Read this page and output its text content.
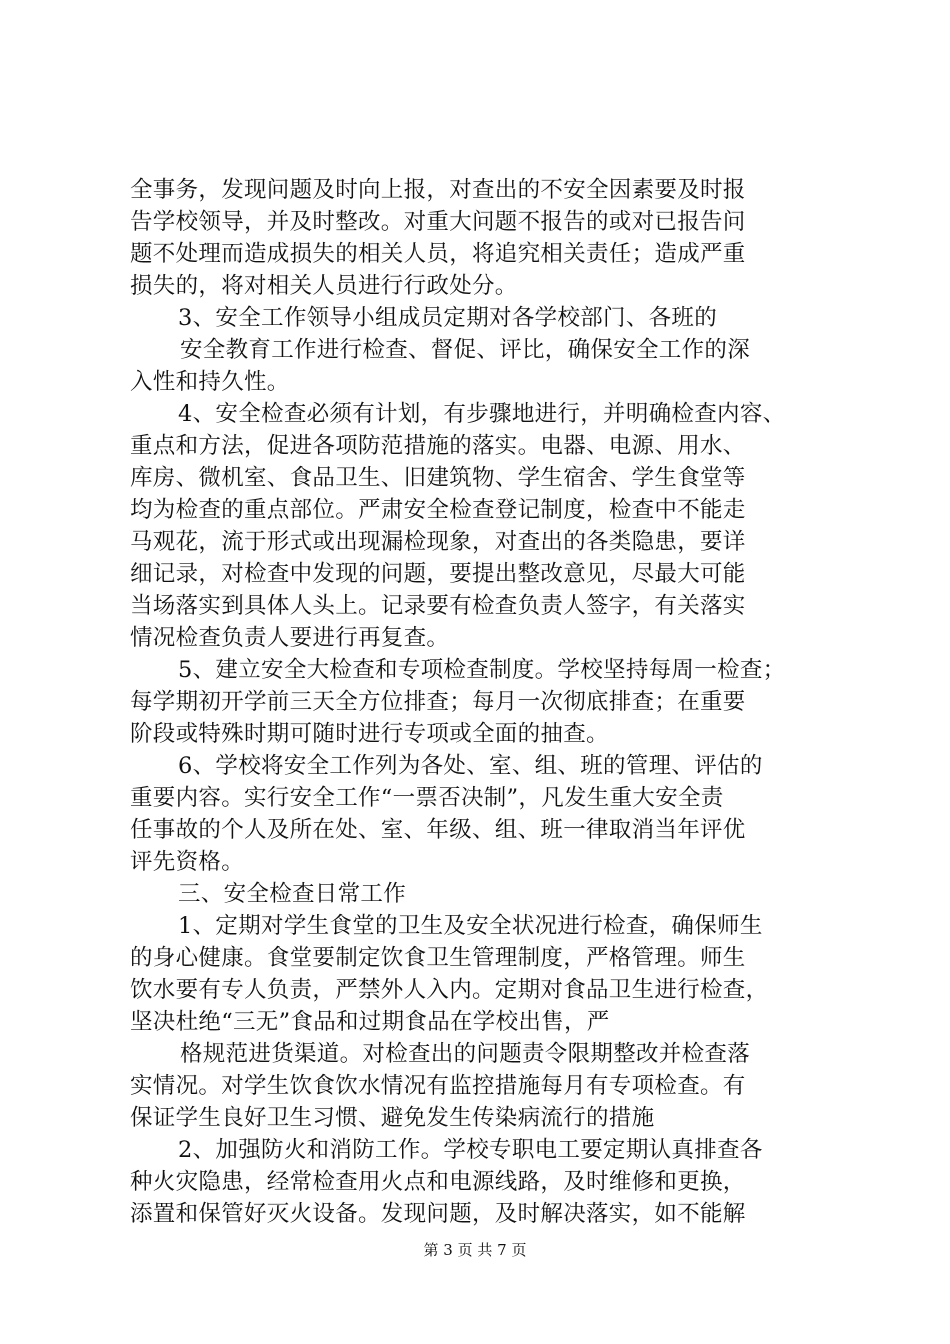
全事务，发现问题及时向上报，对查出的不安全因素要及时报
告学校领导，并及时整改。对重大问题不报告的或对已报告问
题不处理而造成损失的相关人员，将追究相关责任；造成严重
损失的，将对相关人员进行行政处分。
3、安全工作领导小组成员定期对各学校部门、各班的
安全教育工作进行检查、督促、评比，确保安全工作的深
入性和持久性。
4、安全检查必须有计划，有步骤地进行，并明确检查内容、
重点和方法，促进各项防范措施的落实。电器、电源、用水、
库房、微机室、食品卫生、旧建筑物、学生宿舍、学生食堂等
均为检查的重点部位。严肃安全检查登记制度，检查中不能走
马观花，流于形式或出现漏检现象，对查出的各类隐患，要详
细记录，对检查中发现的问题，要提出整改意见，尽最大可能
当场落实到具体人头上。记录要有检查负责人签字，有关落实
情况检查负责人要进行再复查。
5、建立安全大检查和专项检查制度。学校坚持每周一检查；
每学期初开学前三天全方位排查；每月一次彻底排查；在重要
阶段或特殊时期可随时进行专项或全面的抽查。
6、学校将安全工作列为各处、室、组、班的管理、评估的
重要内容。实行安全工作“一票否决制”，凡发生重大安全责
任事故的个人及所在处、室、年级、组、班一律取消当年评优
评先资格。
三、安全检查日常工作
1、定期对学生食堂的卫生及安全状况进行检查，确保师生
的身心健康。食堂要制定饮食卫生管理制度，严格管理。师生
饮水要有专人负责，严禁外人入内。定期对食品卫生进行检查，
坚决杜绝“三无”食品和过期食品在学校出售，严
格规范进货渠道。对检查出的问题责令限期整改并检查落
实情况。对学生饮食饮水情况有监控措施每月有专项检查。有
保证学生良好卫生习惯、避免发生传染病流行的措施
2、加强防火和消防工作。学校专职电工要定期认真排查各
种火灾隐患，经常检查用火点和电源线路，及时维修和更换，
添置和保管好灭火设备。发现问题，及时解决落实，如不能解
第 3 页 共 7 页
